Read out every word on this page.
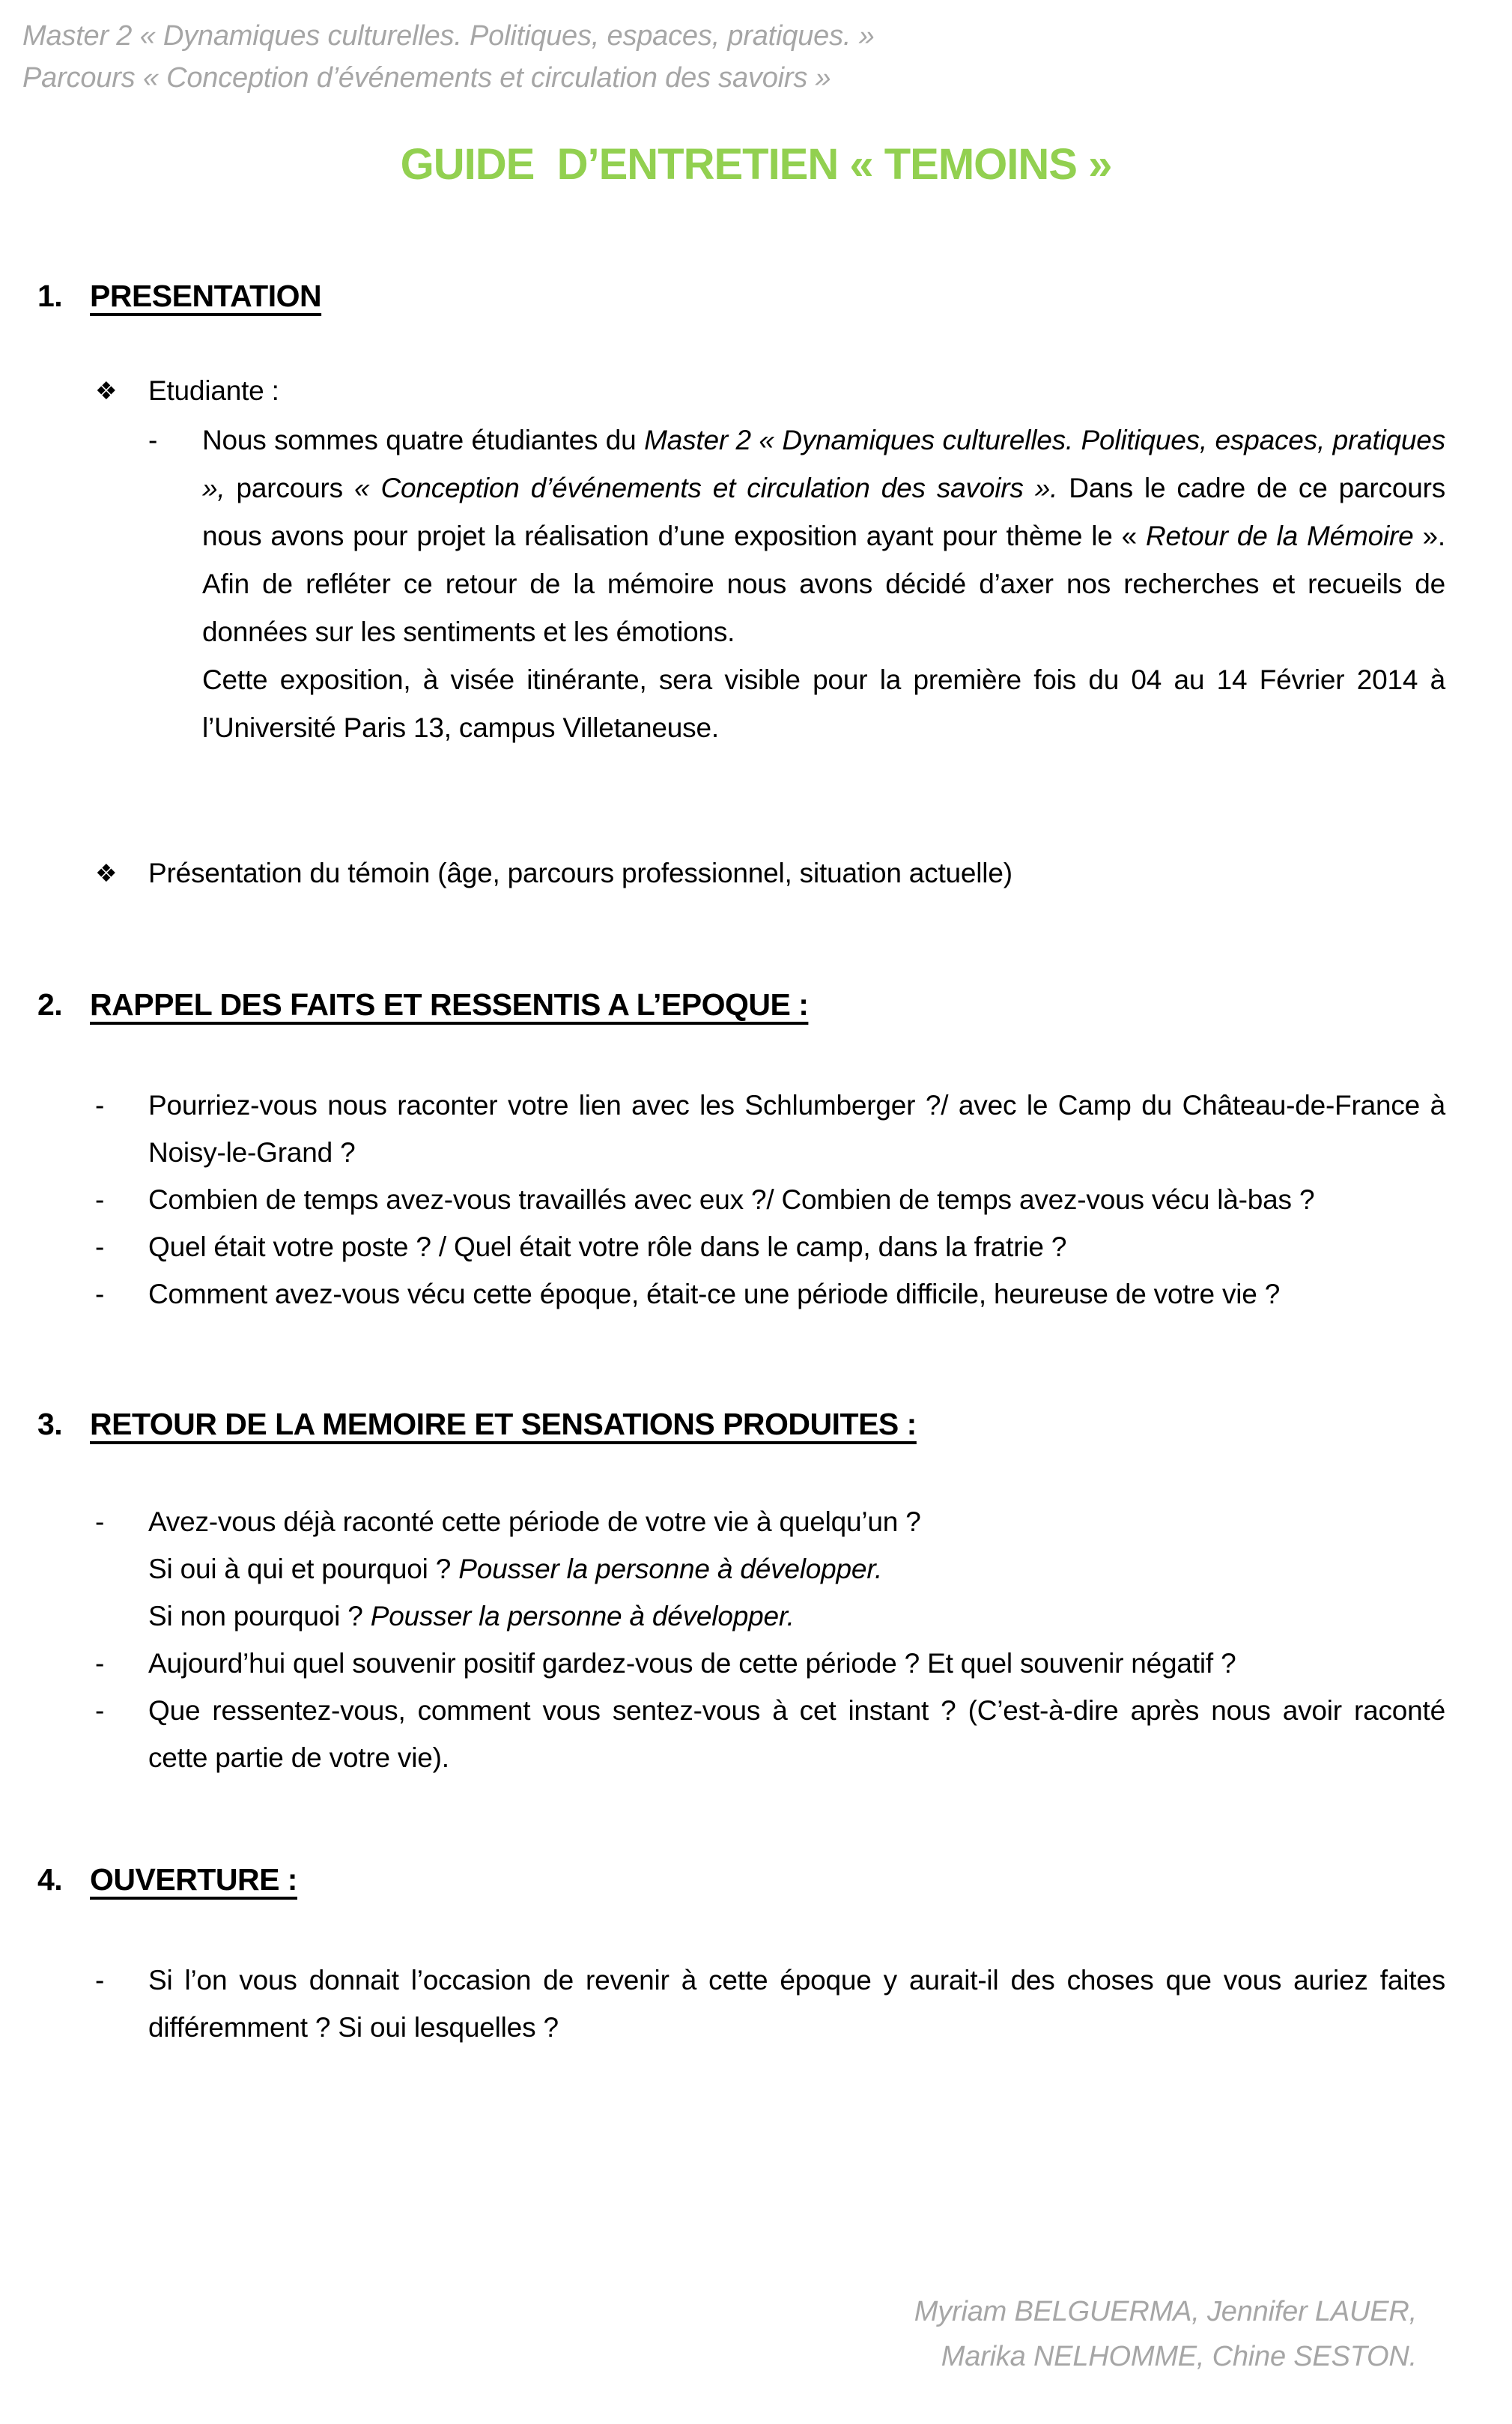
Master 2 « Dynamiques culturelles. Politiques, espaces, pratiques. »
Parcours « Conception d’événements et circulation des savoirs »
GUIDE  D’ENTRETIEN « TEMOINS »
1. PRESENTATION
❖	Etudiante :
-	Nous sommes quatre étudiantes du Master 2 « Dynamiques culturelles. Politiques, espaces, pratiques », parcours « Conception d’événements et circulation des savoirs ». Dans le cadre de ce parcours nous avons pour projet la réalisation d’une exposition ayant pour thème le « Retour de la Mémoire ». Afin de refléter ce retour de la mémoire nous avons décidé d’axer nos recherches et recueils de données sur les sentiments et les émotions.
Cette exposition, à visée itinérante, sera visible pour la première fois du 04 au 14 Février 2014 à l’Université Paris 13, campus Villetaneuse.
❖	Présentation du témoin (âge, parcours professionnel, situation actuelle)
2. RAPPEL DES FAITS ET RESSENTIS A L’EPOQUE :
-	Pourriez-vous nous raconter votre lien avec les Schlumberger ?/ avec le Camp du Château-de-France à Noisy-le-Grand ?
-	Combien de temps avez-vous travaillés avec eux ?/ Combien de temps avez-vous vécu là-bas ?
-	Quel était votre poste ? / Quel était votre rôle dans le camp, dans la fratrie ?
-	Comment avez-vous vécu cette époque, était-ce une période difficile, heureuse de votre vie ?
3. RETOUR DE LA MEMOIRE ET SENSATIONS PRODUITES :
-	Avez-vous déjà raconté cette période de votre vie à quelqu’un ?
Si oui à qui et pourquoi ? Pousser la personne à développer.
Si non pourquoi ? Pousser la personne à développer.
-	Aujourd’hui quel souvenir positif gardez-vous de cette période ? Et quel souvenir négatif ?
-	Que ressentez-vous, comment vous sentez-vous à cet instant ? (C’est-à-dire après nous avoir raconté cette partie de votre vie).
4. OUVERTURE :
-	Si l’on vous donnait l’occasion de revenir à cette époque y aurait-il des choses que vous auriez faites différemment ? Si oui lesquelles ?
Myriam BELGUERMA, Jennifer LAUER,
Marika NELHOMME, Chine SESTON.
